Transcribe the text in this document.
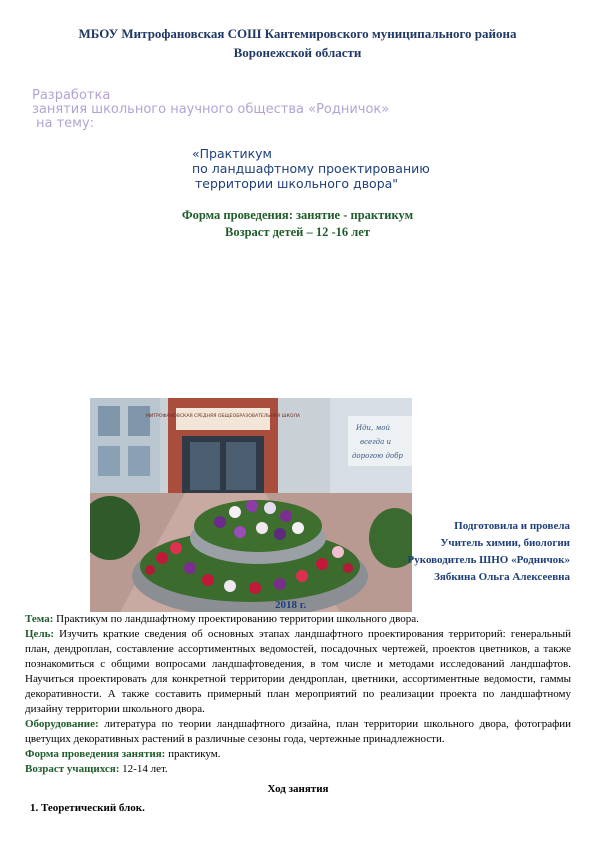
МБОУ Митрофановская СОШ Кантемировского муниципального района
Воронежской области
Разработка
занятия школьного научного общества «Родничок»
на тему:
«Практикум
по ландшафтному проектированию
территории школьного двора"
Форма проведения: занятие - практикум
Возраст детей – 12 -16 лет
МИТРОФАНОВСКАЯ СРЕДНЯЯ ОБЩЕОБРАЗОВАТЕЛЬНАЯ ШКОЛА
Иди, мой
всегда и
дорогою добр
Подготовила и провела
Учитель химии, биологии
Руководитель ШНО «Родничок»
Зябкина Ольга Алексеевна
2018 г.

Тема: Практикум по ландшафтному проектированию территории школьного двора.

Цель: Изучить краткие сведения об основных этапах ландшафтного проектирования территорий: генеральный план, дендроплан, составление ассортиментных ведомостей, посадочных чертежей, проектов цветников, а также познакомиться с общими вопросами ландшафтоведения, в том числе и методами исследований ландшафтов. Научиться проектировать для конкретной территории дендроплан, цветники, ассортиментные ведомости, гаммы декоративности. А также составить примерный план мероприятий по реализации проекта по ландшафтному дизайну территории школьного двора.

Оборудование: литература по теории ландшафтного дизайна, план территории школьного двора, фотографии цветущих декоративных растений в различные сезоны года, чертежные принадлежности.

Форма проведения занятия: практикум.

Возраст учащихся: 12-14 лет.

Ход занятия

1. Теоретический блок.
